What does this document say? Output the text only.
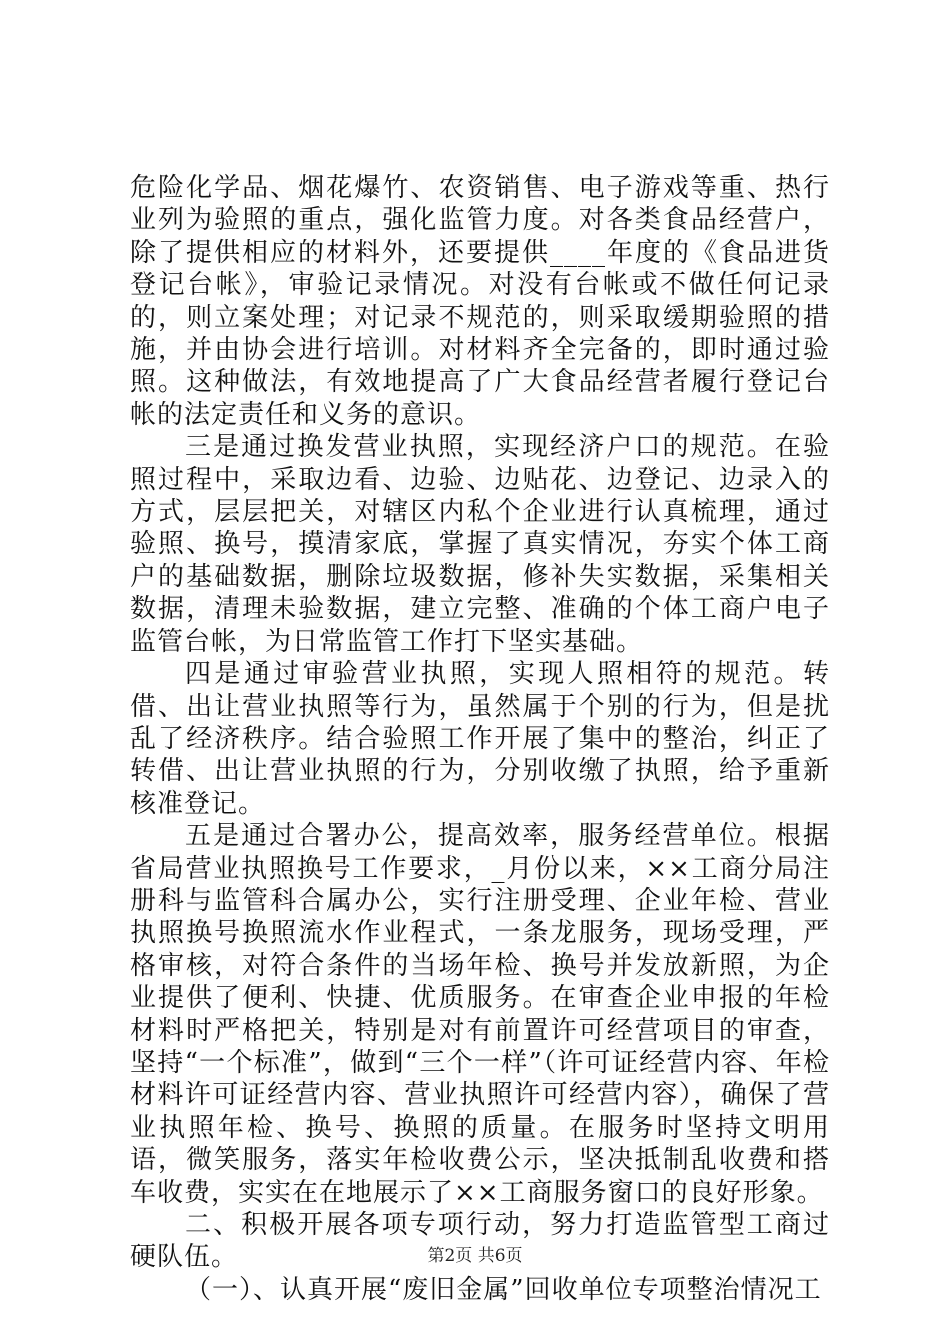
危险化学品、烟花爆竹、农资销售、电子游戏等重、热行业列为验照的重点，强化监管力度。对各类食品经营户，除了提供相应的材料外，还要提供____年度的《食品进货登记台帐》，审验记录情况。对没有台帐或不做任何记录的，则立案处理；对记录不规范的，则采取缓期验照的措施，并由协会进行培训。对材料齐全完备的，即时通过验照。这种做法，有效地提高了广大食品经营者履行登记台帐的法定责任和义务的意识。

三是通过换发营业执照，实现经济户口的规范。在验照过程中，采取边看、边验、边贴花、边登记、边录入的方式，层层把关，对辖区内私个企业进行认真梳理，通过验照、换号，摸清家底，掌握了真实情况，夯实个体工商户的基础数据，删除垃圾数据，修补失实数据，采集相关数据，清理未验数据，建立完整、准确的个体工商户电子监管台帐，为日常监管工作打下坚实基础。

四是通过审验营业执照，实现人照相符的规范。转借、出让营业执照等行为，虽然属于个别的行为，但是扰乱了经济秩序。结合验照工作开展了集中的整治，纠正了转借、出让营业执照的行为，分别收缴了执照，给予重新核准登记。

五是通过合署办公，提高效率，服务经营单位。根据省局营业执照换号工作要求，_月份以来，××工商分局注册科与监管科合属办公，实行注册受理、企业年检、营业执照换号换照流水作业程式，一条龙服务，现场受理，严格审核，对符合条件的当场年检、换号并发放新照，为企业提供了便利、快捷、优质服务。在审查企业申报的年检材料时严格把关，特别是对有前置许可经营项目的审查，坚持“一个标准”，做到“三个一样”（许可证经营内容、年检材料许可证经营内容、营业执照许可经营内容），确保了营业执照年检、换号、换照的质量。在服务时坚持文明用语，微笑服务，落实年检收费公示，坚决抵制乱收费和搭车收费，实实在在地展示了××工商服务窗口的良好形象。

二、积极开展各项专项行动，努力打造监管型工商过硬队伍。

（一）、认真开展“废旧金属”回收单位专项整治情况工

第2页 共6页
